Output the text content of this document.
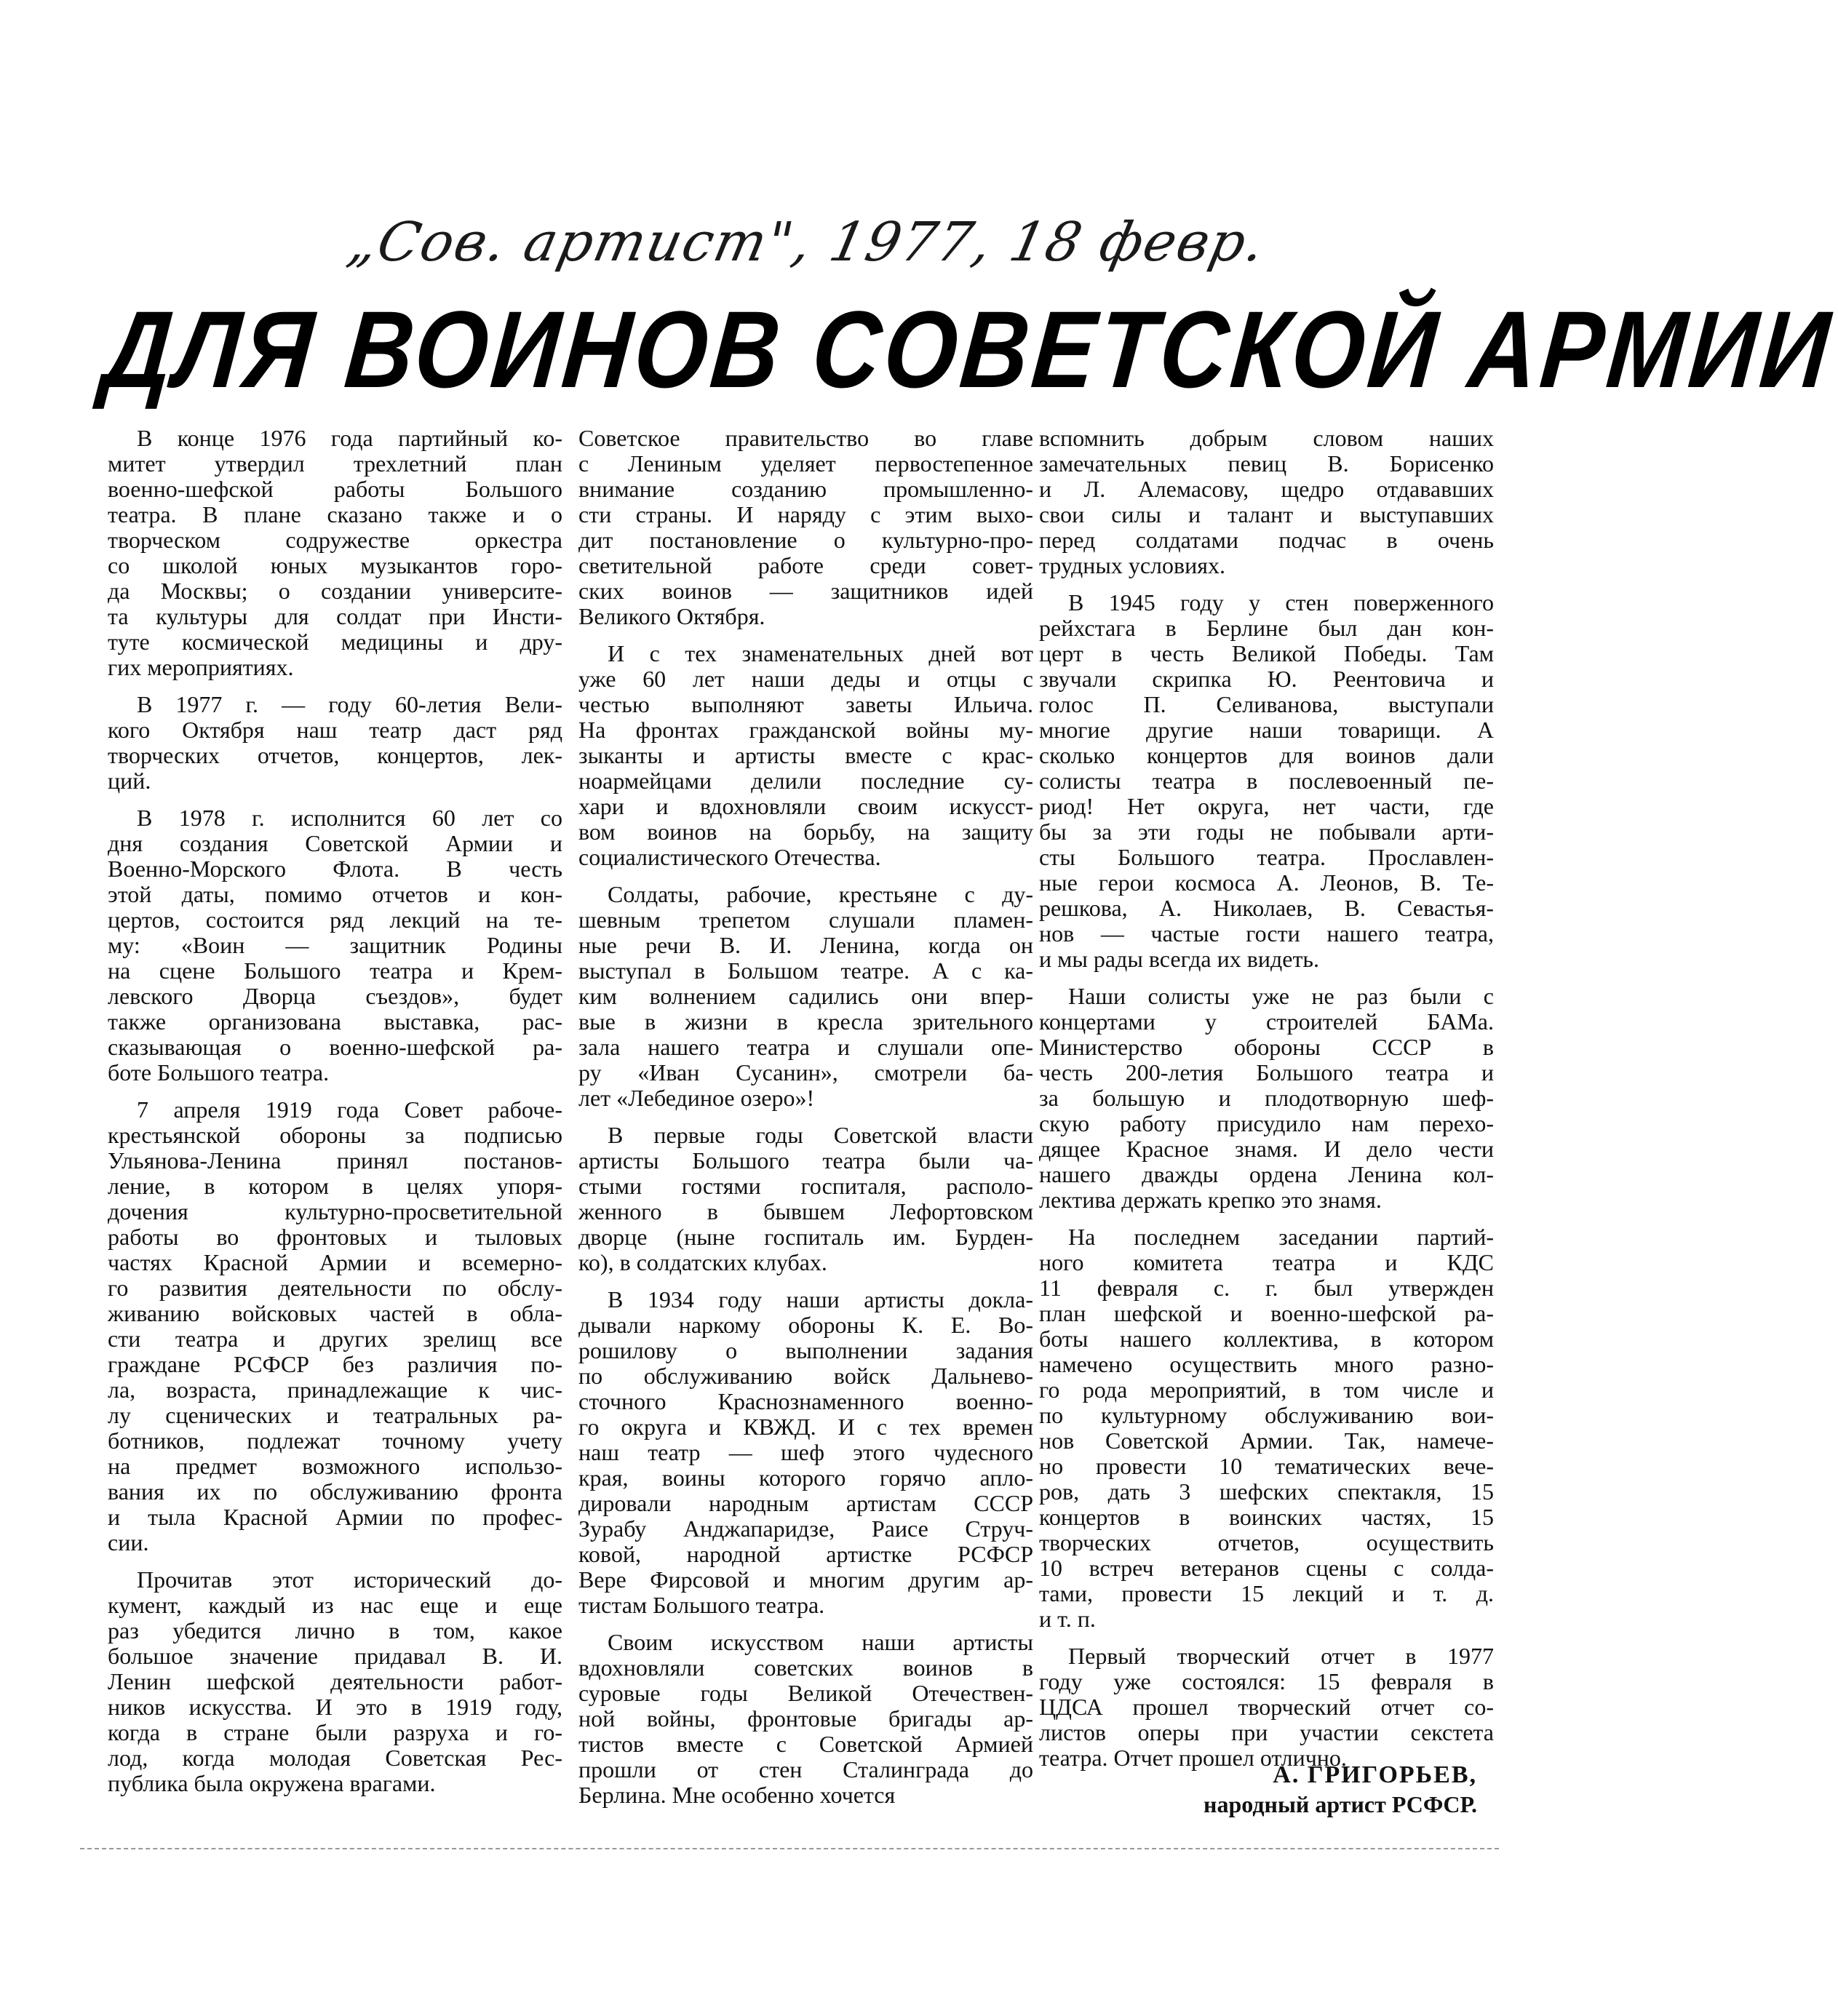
„Сов. артист", 1977, 18 февр.
ДЛЯ ВОИНОВ СОВЕТСКОЙ АРМИИ
В конце 1976 года партийный ко-
митет утвердил трехлетний план
военно-шефской работы Большого
театра. В плане сказано также и о
творческом содружестве оркестра
со школой юных музыкантов горо-
да Москвы; о создании университе-
та культуры для солдат при Инсти-
туте космической медицины и дру-
гих мероприятиях.
В 1977 г. — году 60-летия Вели-
кого Октября наш театр даст ряд
творческих отчетов, концертов, лек-
ций.
В 1978 г. исполнится 60 лет со
дня создания Советской Армии и
Военно-Морского Флота. В честь
этой даты, помимо отчетов и кон-
цертов, состоится ряд лекций на те-
му: «Воин — защитник Родины
на сцене Большого театра и Крем-
левского Дворца съездов», будет
также организована выставка, рас-
сказывающая о военно-шефской ра-
боте Большого театра.
7 апреля 1919 года Совет рабоче-
крестьянской обороны за подписью
Ульянова-Ленина принял постанов-
ление, в котором в целях упоря-
дочения культурно-просветительной
работы во фронтовых и тыловых
частях Красной Армии и всемерно-
го развития деятельности по обслу-
живанию войсковых частей в обла-
сти театра и других зрелищ все
граждане РСФСР без различия по-
ла, возраста, принадлежащие к чис-
лу сценических и театральных ра-
ботников, подлежат точному учету
на предмет возможного использо-
вания их по обслуживанию фронта
и тыла Красной Армии по профес-
сии.
Прочитав этот исторический до-
кумент, каждый из нас еще и еще
раз убедится лично в том, какое
большое значение придавал В. И.
Ленин шефской деятельности работ-
ников искусства. И это в 1919 году,
когда в стране были разруха и го-
лод, когда молодая Советская Рес-
публика была окружена врагами.
Советское правительство во главе
с Лениным уделяет первостепенное
внимание созданию промышленно-
сти страны. И наряду с этим выхо-
дит постановление о культурно-про-
светительной работе среди совет-
ских воинов — защитников идей
Великого Октября.
И с тех знаменательных дней вот
уже 60 лет наши деды и отцы с
честью выполняют заветы Ильича.
На фронтах гражданской войны му-
зыканты и артисты вместе с крас-
ноармейцами делили последние су-
хари и вдохновляли своим искусст-
вом воинов на борьбу, на защиту
социалистического Отечества.
Солдаты, рабочие, крестьяне с ду-
шевным трепетом слушали пламен-
ные речи В. И. Ленина, когда он
выступал в Большом театре. А с ка-
ким волнением садились они впер-
вые в жизни в кресла зрительного
зала нашего театра и слушали опе-
ру «Иван Сусанин», смотрели ба-
лет «Лебединое озеро»!
В первые годы Советской власти
артисты Большого театра были ча-
стыми гостями госпиталя, располо-
женного в бывшем Лефортовском
дворце (ныне госпиталь им. Бурден-
ко), в солдатских клубах.
В 1934 году наши артисты докла-
дывали наркому обороны К. Е. Во-
рошилову о выполнении задания
по обслуживанию войск Дальнево-
сточного Краснознаменного военно-
го округа и КВЖД. И с тех времен
наш театр — шеф этого чудесного
края, воины которого горячо апло-
дировали народным артистам СССР
Зурабу Анджапаридзе, Раисе Струч-
ковой, народной артистке РСФСР
Вере Фирсовой и многим другим ар-
тистам Большого театра.
Своим искусством наши артисты
вдохновляли советских воинов в
суровые годы Великой Отечествен-
ной войны, фронтовые бригады ар-
тистов вместе с Советской Армией
прошли от стен Сталинграда до
Берлина. Мне особенно хочется
вспомнить добрым словом наших
замечательных певиц В. Борисенко
и Л. Алемасову, щедро отдававших
свои силы и талант и выступавших
перед солдатами подчас в очень
трудных условиях.
В 1945 году у стен поверженного
рейхстага в Берлине был дан кон-
церт в честь Великой Победы. Там
звучали скрипка Ю. Реентовича и
голос П. Селиванова, выступали
многие другие наши товарищи. А
сколько концертов для воинов дали
солисты театра в послевоенный пе-
риод! Нет округа, нет части, где
бы за эти годы не побывали арти-
сты Большого театра. Прославлен-
ные герои космоса А. Леонов, В. Те-
решкова, А. Николаев, В. Севастья-
нов — частые гости нашего театра,
и мы рады всегда их видеть.
Наши солисты уже не раз были с
концертами у строителей БАМа.
Министерство обороны СССР в
честь 200-летия Большого театра и
за большую и плодотворную шеф-
скую работу присудило нам перехо-
дящее Красное знамя. И дело чести
нашего дважды ордена Ленина кол-
лектива держать крепко это знамя.
На последнем заседании партий-
ного комитета театра и КДС
11 февраля с. г. был утвержден
план шефской и военно-шефской ра-
боты нашего коллектива, в котором
намечено осуществить много разно-
го рода мероприятий, в том числе и
по культурному обслуживанию вои-
нов Советской Армии. Так, намече-
но провести 10 тематических вече-
ров, дать 3 шефских спектакля, 15
концертов в воинских частях, 15
творческих отчетов, осуществить
10 встреч ветеранов сцены с солда-
тами, провести 15 лекций и т. д.
и т. п.
Первый творческий отчет в 1977
году уже состоялся: 15 февраля в
ЦДСА прошел творческий отчет со-
листов оперы при участии секстета
театра. Отчет прошел отлично.
А. ГРИГОРЬЕВ,
народный артист РСФСР.
